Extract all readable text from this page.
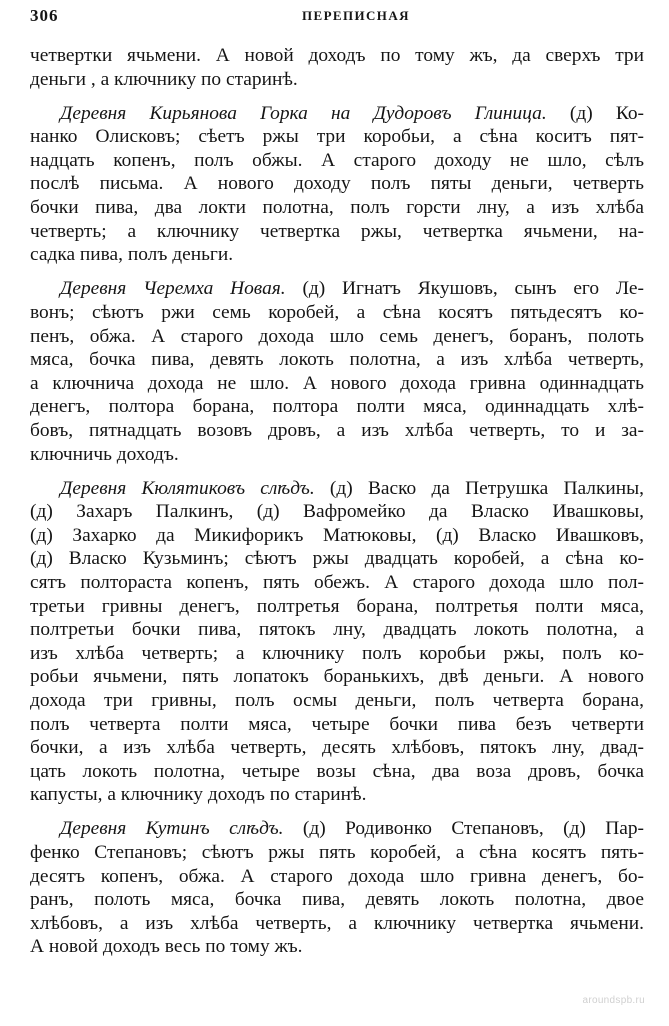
306	ПЕРЕПИСНАЯ
четвертки ячьмени. А новой доходъ по тому жъ, да сверхъ три
деньги , а ключнику по старинѣ.
Деревня Кирьянова Горка на Дудоровъ Глиница. (д) Ко-
нанко Олисковъ; сѣетъ ржы три коробьи, а сѣна коситъ пят-
надцать копенъ, полъ обжы. А старого доходу не шло, сѣлъ
послѣ письма. А нового доходу полъ пяты деньги, четверть
бочки пива, два локти полотна, полъ горсти лну, а изъ хлѣба
четверть; а ключнику четвертка ржы, четвертка ячьмени, на-
садка пива, полъ деньги.
Деревня Черемха Новая. (д) Игнатъ Якушовъ, сынъ его Ле-
вонъ; сѣютъ ржи семь коробей, а сѣна косятъ пятьдесятъ ко-
пенъ, обжа. А старого дохода шло семь денегъ, боранъ, полоть
мяса, бочка пива, девять локоть полотна, а изъ хлѣба четверть,
а ключнича дохода не шло. А нового дохода гривна одиннадцать
денегъ, полтора борана, полтора полти мяса, одиннадцать хлѣ-
бовъ, пятнадцать возовъ дровъ, а изъ хлѣба четверть, то и за-
ключничь доходъ.
Деревня Кюлятиковъ слѣдъ. (д) Васко да Петрушка Палкины,
(д) Захаръ Палкинъ, (д) Вафромейко да Власко Ивашковы,
(д) Захарко да Микифорикъ Матюковы, (д) Власко Ивашковъ,
(д) Власко Кузьминъ; сѣютъ ржы двадцать коробей, а сѣна ко-
сятъ полтораста копенъ, пять обежъ. А старого дохода шло пол-
третьи гривны денегъ, полтретья борана, полтретья полти мяса,
полтретьи бочки пива, пятокъ лну, двадцать локоть полотна, а
изъ хлѣба четверть; а ключнику полъ коробьи ржы, полъ ко-
робьи ячьмени, пять лопатокъ боранькихъ, двѣ деньги. А нового
дохода три гривны, полъ осмы деньги, полъ четверта борана,
полъ четверта полти мяса, четыре бочки пива безъ четверти
бочки, а изъ хлѣба четверть, десять хлѣбовъ, пятокъ лну, двад-
цать локоть полотна, четыре возы сѣна, два воза дровъ, бочка
капусты, а ключнику доходъ по старинѣ.
Деревня Кутинъ слѣдъ. (д) Родивонко Степановъ, (д) Пар-
фенко Степановъ; сѣютъ ржы пять коробей, а сѣна косятъ пять-
десятъ копенъ, обжа. А старого дохода шло гривна денегъ, бо-
ранъ, полоть мяса, бочка пива, девять локоть полотна, двое
хлѣбовъ, а изъ хлѣба четверть, а ключнику четвертка ячьмени.
А новой доходъ весь по тому жъ.
aroundspb.ru
